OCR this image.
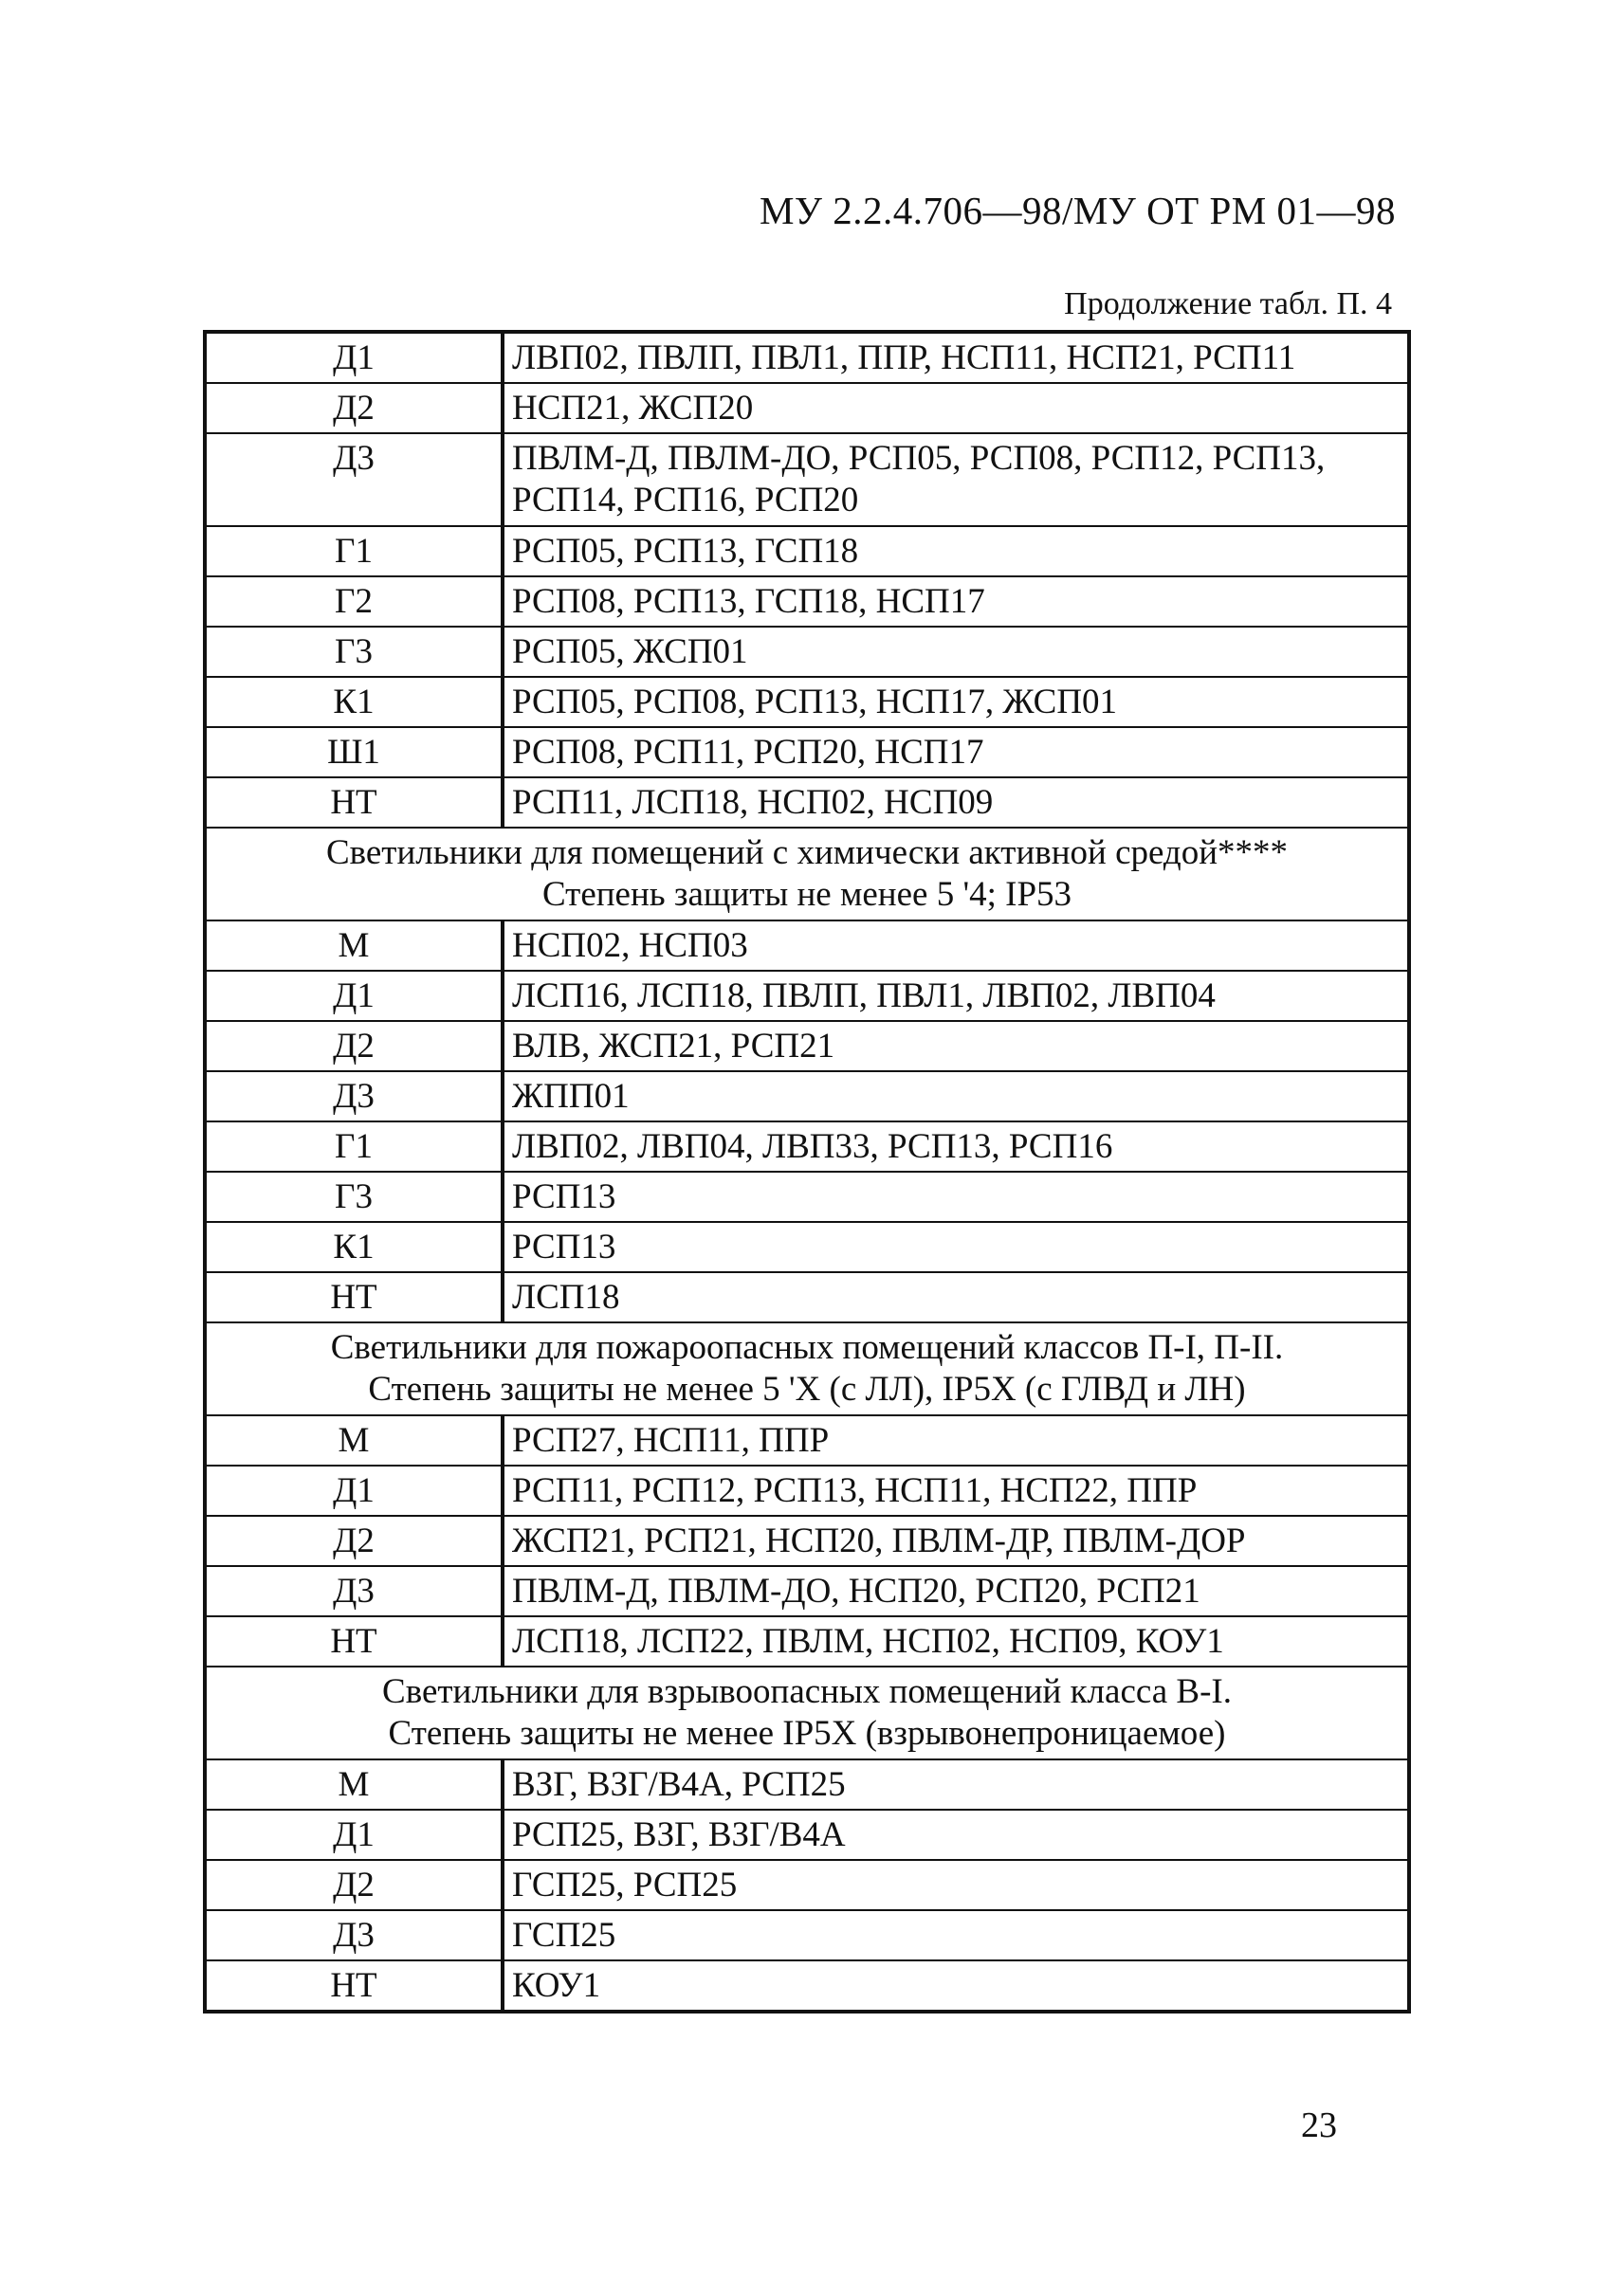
МУ 2.2.4.706—98/МУ ОТ РМ 01—98
Продолжение табл. П. 4
Д1	ЛВП02, ПВЛП, ПВЛ1, ППР, НСП11, НСП21, РСП11
Д2	НСП21, ЖСП20
Д3	ПВЛМ-Д, ПВЛМ-ДО, РСП05, РСП08, РСП12, РСП13, РСП14, РСП16, РСП20
Г1	РСП05, РСП13, ГСП18
Г2	РСП08, РСП13, ГСП18, НСП17
Г3	РСП05, ЖСП01
К1	РСП05, РСП08, РСП13, НСП17, ЖСП01
Ш1	РСП08, РСП11, РСП20, НСП17
НТ	РСП11, ЛСП18, НСП02, НСП09

Светильники для помещений с химически активной средой****
Степень защиты не менее 5 '4; IP53	

М	НСП02, НСП03
Д1	ЛСП16, ЛСП18, ПВЛП, ПВЛ1, ЛВП02, ЛВП04
Д2	ВЛВ, ЖСП21, РСП21
Д3	ЖПП01
Г1	ЛВП02, ЛВП04, ЛВП33, РСП13, РСП16
Г3	РСП13
К1	РСП13
НТ	ЛСП18

Светильники для пожароопасных помещений классов П-I, П-II.
Степень защиты не менее 5 'X (с ЛЛ), IP5X (с ГЛВД и ЛН)	

М	РСП27, НСП11, ППР
Д1	РСП11, РСП12, РСП13, НСП11, НСП22, ППР
Д2	ЖСП21, РСП21, НСП20, ПВЛМ-ДР, ПВЛМ-ДОР
Д3	ПВЛМ-Д, ПВЛМ-ДО, НСП20, РСП20, РСП21
НТ	ЛСП18, ЛСП22, ПВЛМ, НСП02, НСП09, КОУ1

Светильники для взрывоопасных помещений класса В-I.
Степень защиты не менее IP5X (взрывонепроницаемое)	

М	ВЗГ, ВЗГ/В4А, РСП25
Д1	РСП25, ВЗГ, ВЗГ/В4А
Д2	ГСП25, РСП25
Д3	ГСП25
НТ	КОУ1
23
